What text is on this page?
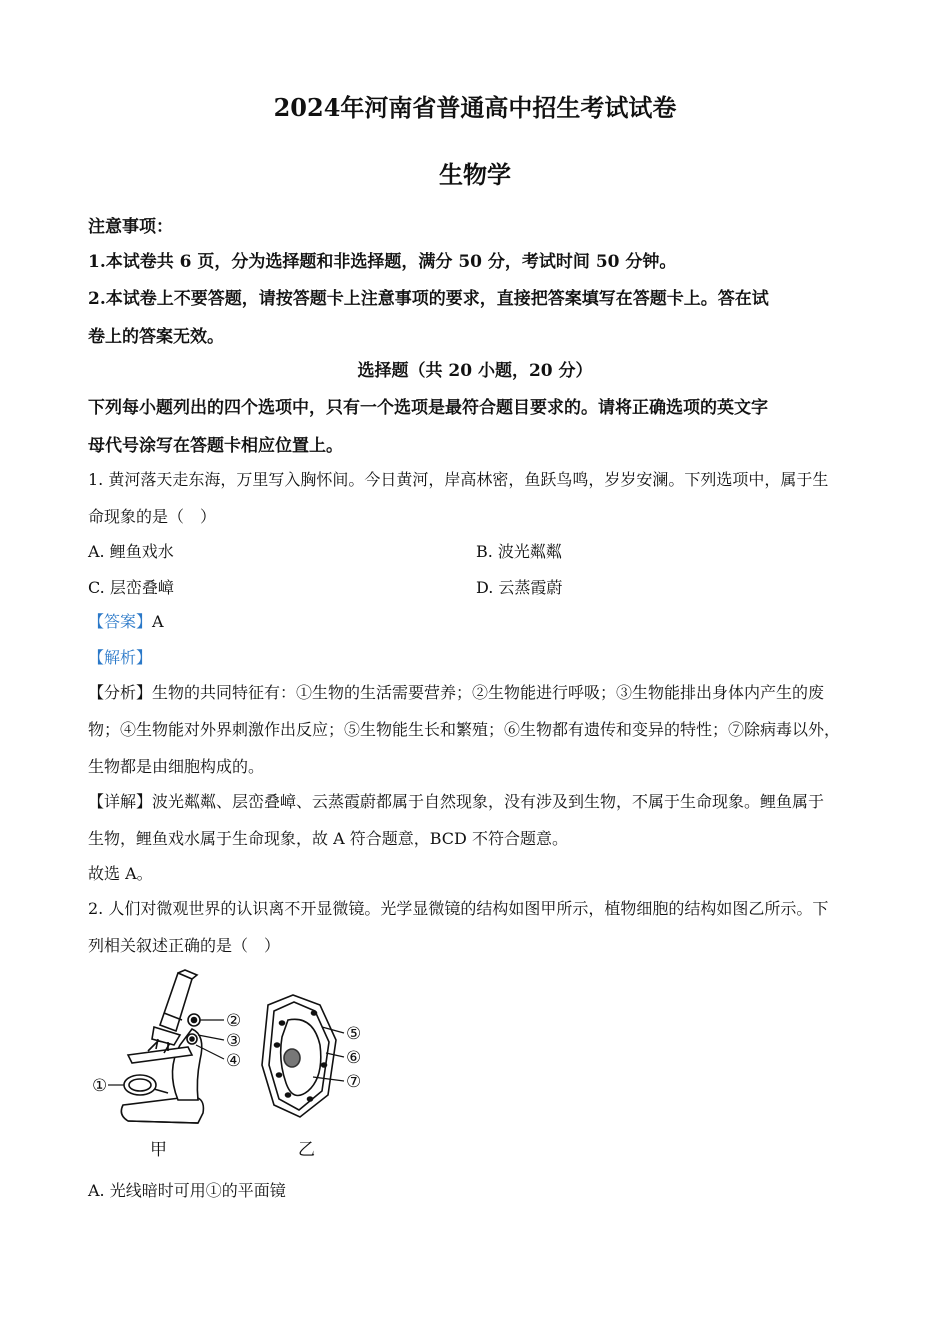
2024年河南省普通高中招生考试试卷
生物学
注意事项：
1.本试卷共 6 页，分为选择题和非选择题，满分 50 分，考试时间 50 分钟。
2.本试卷上不要答题，请按答题卡上注意事项的要求，直接把答案填写在答题卡上。答在试
卷上的答案无效。
选择题（共 20 小题，20 分）
下列每小题列出的四个选项中，只有一个选项是最符合题目要求的。请将正确选项的英文字
母代号涂写在答题卡相应位置上。
1. 黄河落天走东海，万里写入胸怀间。今日黄河，岸高林密，鱼跃鸟鸣，岁岁安澜。下列选项中，属于生
命现象的是（　）
A. 鲤鱼戏水	B. 波光粼粼
C. 层峦叠嶂	D. 云蒸霞蔚
【答案】A
【解析】
【分析】生物的共同特征有：①生物的生活需要营养；②生物能进行呼吸；③生物能排出身体内产生的废
物；④生物能对外界刺激作出反应；⑤生物能生长和繁殖；⑥生物都有遗传和变异的特性；⑦除病毒以外，
生物都是由细胞构成的。
【详解】波光粼粼、层峦叠嶂、云蒸霞蔚都属于自然现象，没有涉及到生物，不属于生命现象。鲤鱼属于
生物，鲤鱼戏水属于生命现象，故 A 符合题意，BCD 不符合题意。
故选 A。
2. 人们对微观世界的认识离不开显微镜。光学显微镜的结构如图甲所示，植物细胞的结构如图乙所示。下
列相关叙述正确的是（　）
②
③
④
①
甲
⑤
⑥
⑦
乙
A. 光线暗时可用①的平面镜
